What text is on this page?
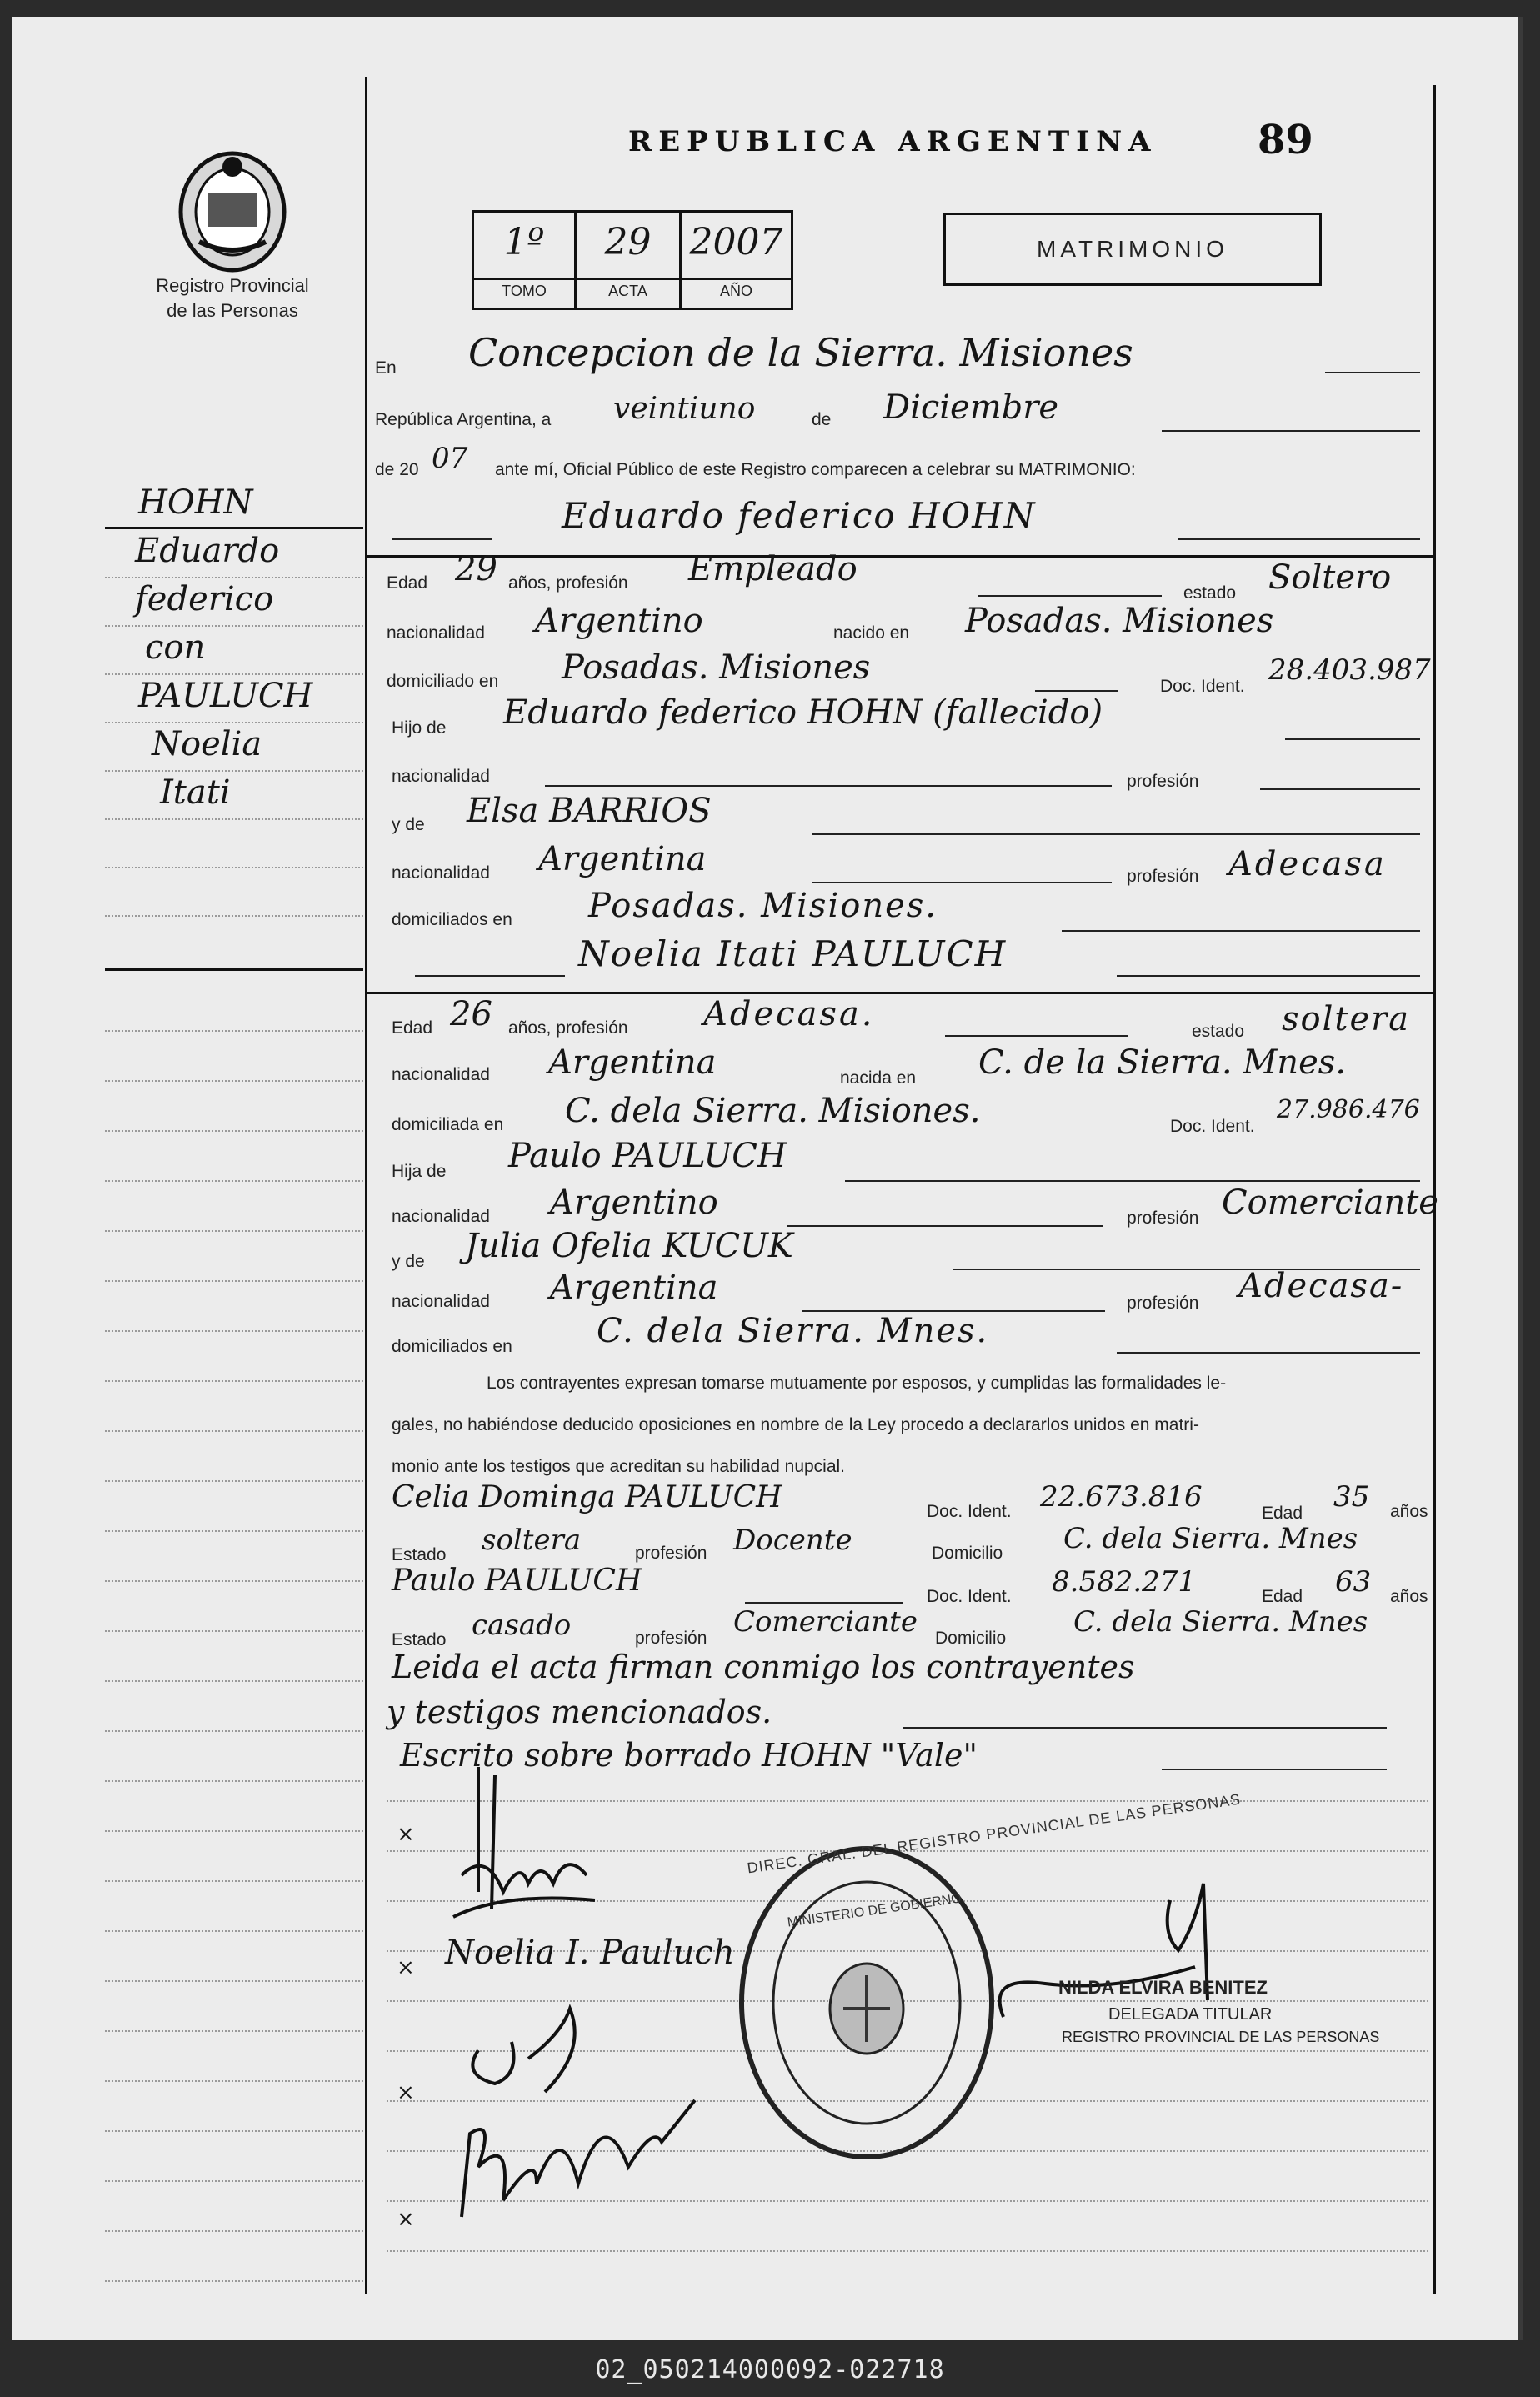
Registro Provincial
de las Personas
REPUBLICA ARGENTINA	89
1º	29	2007
TOMO	ACTA	AÑO
MATRIMONIO
HOHN
Eduardo
federico
con
PAULUCH
Noelia
Itati
En Concepcion de la Sierra. Misiones
República Argentina, a veintiuno	de Diciembre
de 20 07 ante mí, Oficial Público de este Registro comparecen a celebrar su MATRIMONIO:
Eduardo federico HOHN
Edad 29 años, profesión Empleado
estado Soltero
nacionalidad Argentino	nacido en Posadas. Misiones
domiciliado en Posadas. Misiones	Doc. Ident. 28.403.987
Hijo de Eduardo federico HOHN (fallecido)
nacionalidad	profesión
y de Elsa BARRIOS
nacionalidad Argentina	profesión Adecasa
domiciliados en Posadas. Misiones.
Noelia Itati PAULUCH
Edad 26 años, profesión Adecasa.	estado soltera
nacionalidad Argentina	nacida en C. de la Sierra. Mnes.
domiciliada en C. dela Sierra. Misiones.	Doc. Ident.
27.986.476
Hija de Paulo PAULUCH
nacionalidad Argentino	profesión Comerciante
y de Julia Ofelia KUCUK
nacionalidad Argentina	profesión Adecasa-
domiciliados en	C. dela Sierra. Mnes.
Los contrayentes expresan tomarse mutuamente por esposos, y cumplidas las formalidades le-
gales, no habiéndose deducido oposiciones en nombre de la Ley procedo a declararlos unidos en matri-
monio ante los testigos que acreditan su habilidad nupcial.
Celia Dominga PAULUCH	Doc. Ident. 22.673.816	Edad 35 años
Estado soltera	profesión Docente	Domicilio C. dela Sierra. Mnes
Paulo PAULUCH	Doc. Ident. 8.582.271	Edad 63 años
Estado casado	profesión Comerciante Domicilio C. dela Sierra. Mnes
Leida el acta firman conmigo los contrayentes
y testigos mencionados.
Escrito sobre borrado HOHN "Vale"
×
×
×
×
Noelia I. Pauluch
DIREC. GRAL. DEL REGISTRO PROVINCIAL DE LAS PERSONAS
MINISTERIO DE GOBIERNO
NILDA ELVIRA BENITEZ
DELEGADA TITULAR
REGISTRO PROVINCIAL DE LAS PERSONAS
02_050214000092-022718
